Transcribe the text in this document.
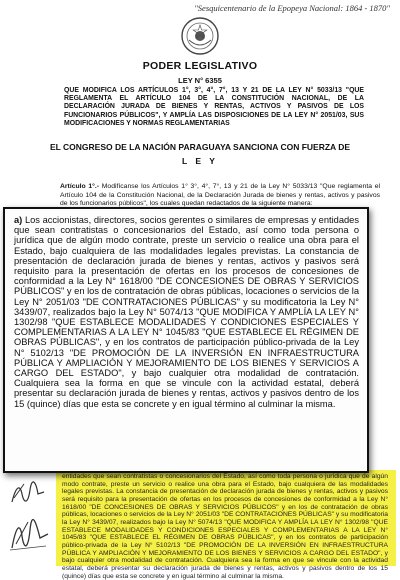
"Sesquicentenario de la Epopeya Nacional: 1864 - 1870"
PODER LEGISLATIVO
LEY N° 6355
QUE MODIFICA LOS ARTÍCULOS 1°, 3°, 4°, 7°, 13 Y 21 DE LA LEY N° 5033/13 "QUE REGLAMENTA EL ARTÍCULO 104 DE LA CONSTITUCIÓN NACIONAL, DE LA DECLARACIÓN JURADA DE BIENES Y RENTAS, ACTIVOS Y PASIVOS DE LOS FUNCIONARIOS PÚBLICOS", Y AMPLÍA LAS DISPOSICIONES DE LA LEY N° 2051/03, SUS MODIFICACIONES Y NORMAS REGLAMENTARIAS
EL CONGRESO DE LA NACIÓN PARAGUAYA SANCIONA CON FUERZA DE
L E Y
Artículo 1°.- Modifícanse los Artículos 1° 3°, 4°, 7°, 13 y 21 de la Ley N° 5033/13 "Que reglamenta el Artículo 104 de la Constitución Nacional, de la Declaración Jurada de bienes y rentas, activos y pasivos de los funcionarios públicos", los cuales quedan redactados de la siguiente manera:
a) Los accionistas, directores, socios gerentes o similares de empresas y entidades que sean contratistas o concesionarios del Estado, así como toda persona o jurídica que de algún modo contrate, preste un servicio o realice una obra para el Estado, bajo cualquiera de las modalidades legales previstas. La constancia de presentación de declaración jurada de bienes y rentas, activos y pasivos será requisito para la presentación de ofertas en los procesos de concesiones de conformidad a la Ley N° 1618/00 "DE CONCESIONES DE OBRAS Y SERVICIOS PÚBLICOS" y en los de contratación de obras públicas, locaciones o servicios de la Ley N° 2051/03 "DE CONTRATACIONES PÚBLICAS" y su modificatoria la Ley N° 3439/07, realizados bajo la Ley N° 5074/13 "QUE MODIFICA Y AMPLÍA LA LEY N° 1302/98 "QUE ESTABLECE MODALIDADES Y CONDICIONES ESPECIALES Y COMPLEMENTARIAS A LA LEY N° 1045/83 "QUE ESTABLECE EL RÉGIMEN DE OBRAS PÚBLICAS", y en los contratos de participación público-privada de la Ley N° 5102/13 "DE PROMOCIÓN DE LA INVERSIÓN EN INFRAESTRUCTURA PÚBLICA Y AMPLIACIÓN Y MEJORAMIENTO DE LOS BIENES Y SERVICIOS A CARGO DEL ESTADO", y bajo cualquier otra modalidad de contratación. Cualquiera sea la forma en que se vincule con la actividad estatal, deberá presentar su declaración jurada de bienes y rentas, activos y pasivos dentro de los 15 (quince) días que esta se concrete y en igual término al culminar la misma.
entidades que sean contratistas o concesionarios del Estado, así como toda persona o jurídica que de algún modo contrate, preste un servicio o realice una obra para el Estado, bajo cualquiera de las modalidades legales previstas. La constancia de presentación de declaración jurada de bienes y rentas, activos y pasivos será requisito para la presentación de ofertas en los procesos de concesiones de conformidad a la Ley N° 1618/00 "DE CONCESIONES DE OBRAS Y SERVICIOS PÚBLICOS" y en los de contratación de obras públicas, locaciones o servicios de la Ley N° 2051/03 "DE CONTRATACIONES PÚBLICAS" y su modificatoria la Ley N° 3439/07, realizados bajo la Ley N° 5074/13 "QUE MODIFICA Y AMPLÍA LA LEY N° 1302/98 "QUE ESTABLECE MODALIDADES Y CONDICIONES ESPECIALES Y COMPLEMENTARIAS A LA LEY N° 1045/83 "QUE ESTABLECE EL RÉGIMEN DE OBRAS PÚBLICAS", y en los contratos de participación público-privada de la Ley N° 5102/13 "DE PROMOCIÓN DE LA INVERSIÓN EN INFRAESTRUCTURA PÚBLICA Y AMPLIACIÓN Y MEJORAMIENTO DE LOS BIENES Y SERVICIOS A CARGO DEL ESTADO", y bajo cualquier otra modalidad de contratación. Cualquiera sea la forma en que se vincule con la actividad estatal, deberá presentar su declaración jurada de bienes y rentas, activos y pasivos dentro de los 15 (quince) días que esta se concrete y en igual término al culminar la misma.
